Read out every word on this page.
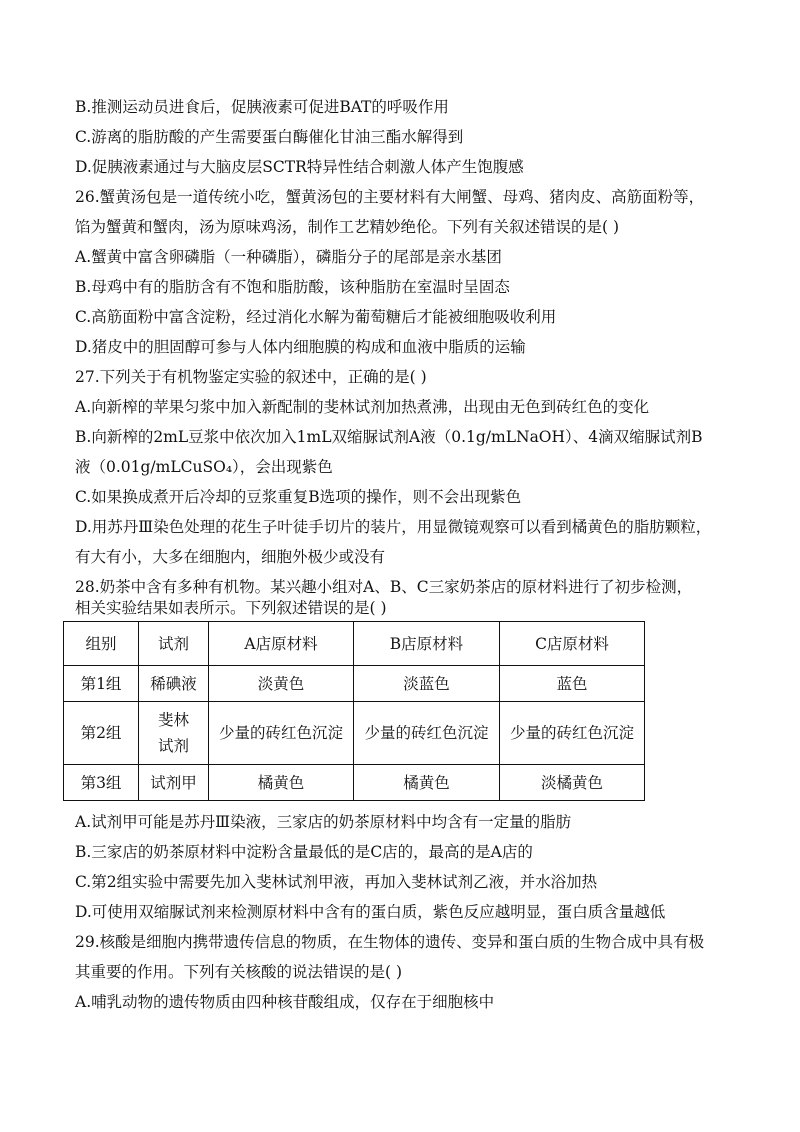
B.推测运动员进食后，促胰液素可促进BAT的呼吸作用
C.游离的脂肪酸的产生需要蛋白酶催化甘油三酯水解得到
D.促胰液素通过与大脑皮层SCTR特异性结合刺激人体产生饱腹感
26.蟹黄汤包是一道传统小吃，蟹黄汤包的主要材料有大闸蟹、母鸡、猪肉皮、高筋面粉等，
馅为蟹黄和蟹肉，汤为原味鸡汤，制作工艺精妙绝伦。下列有关叙述错误的是( )
A.蟹黄中富含卵磷脂（一种磷脂），磷脂分子的尾部是亲水基团
B.母鸡中有的脂肪含有不饱和脂肪酸，该种脂肪在室温时呈固态
C.高筋面粉中富含淀粉，经过消化水解为葡萄糖后才能被细胞吸收利用
D.猪皮中的胆固醇可参与人体内细胞膜的构成和血液中脂质的运输
27.下列关于有机物鉴定实验的叙述中，正确的是( )
A.向新榨的苹果匀浆中加入新配制的斐林试剂加热煮沸，出现由无色到砖红色的变化
B.向新榨的2mL豆浆中依次加入1mL双缩脲试剂A液（0.1g/mLNaOH）、4滴双缩脲试剂B
液（0.01g/mLCuSO₄），会出现紫色
C.如果换成煮开后冷却的豆浆重复B选项的操作，则不会出现紫色
D.用苏丹Ⅲ染色处理的花生子叶徒手切片的装片，用显微镜观察可以看到橘黄色的脂肪颗粒，
有大有小，大多在细胞内，细胞外极少或没有
28.奶茶中含有多种有机物。某兴趣小组对A、B、C三家奶茶店的原材料进行了初步检测，
相关实验结果如表所示。下列叙述错误的是( )
组别	试剂	A店原材料	B店原材料	C店原材料
第1组	稀碘液	淡黄色	淡蓝色	蓝色
第2组	斐林试剂	少量的砖红色沉淀	少量的砖红色沉淀	少量的砖红色沉淀
第3组	试剂甲	橘黄色	橘黄色	淡橘黄色
A.试剂甲可能是苏丹Ⅲ染液，三家店的奶茶原材料中均含有一定量的脂肪
B.三家店的奶茶原材料中淀粉含量最低的是C店的，最高的是A店的
C.第2组实验中需要先加入斐林试剂甲液，再加入斐林试剂乙液，并水浴加热
D.可使用双缩脲试剂来检测原材料中含有的蛋白质，紫色反应越明显，蛋白质含量越低
29.核酸是细胞内携带遗传信息的物质，在生物体的遗传、变异和蛋白质的生物合成中具有极
其重要的作用。下列有关核酸的说法错误的是( )
A.哺乳动物的遗传物质由四种核苷酸组成，仅存在于细胞核中
